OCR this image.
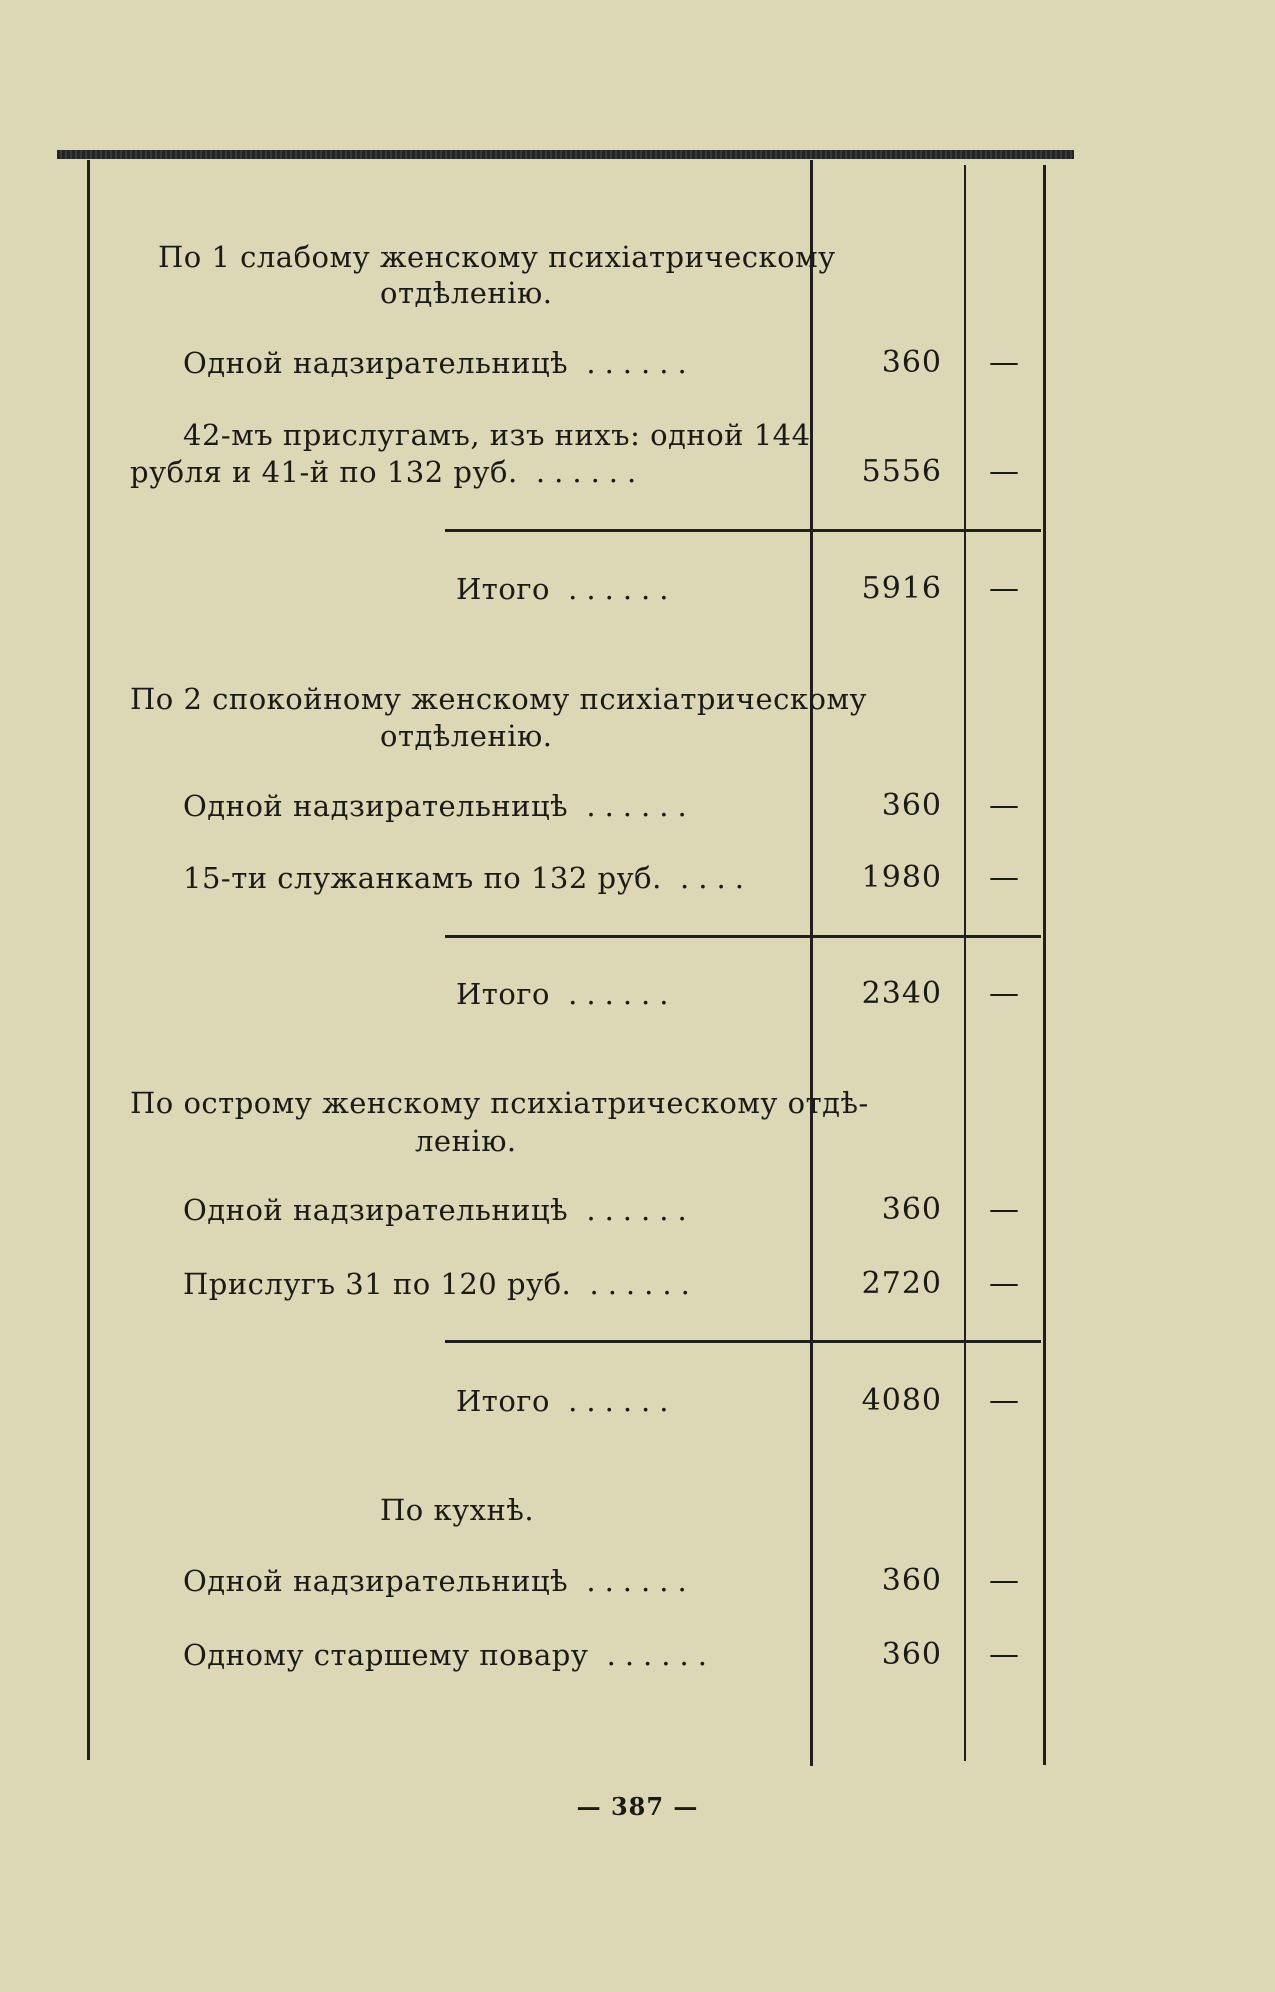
По 1 слабому женскому психіатрическому
отдѣленію.
Одной надзирательницѣ ......	360 —
42-мъ прислугамъ, изъ нихъ: одной 144
рубля и 41-й по 132 руб. ......	5556 —
Итого ......	5916 —
По 2 спокойному женскому психіатрическому
отдѣленію.
Одной надзирательницѣ ......	360 —
15-ти служанкамъ по 132 руб. ....	1980 —
Итого ......	2340 —
По острому женскому психіатрическому отдѣ-
ленію.
Одной надзирательницѣ ......	360 —
Прислугъ 31 по 120 руб. ......	2720 —
Итого ......	4080 —
По кухнѣ.
Одной надзирательницѣ ......	360 —
Одному старшему повару ......	360 —
— 387 —
